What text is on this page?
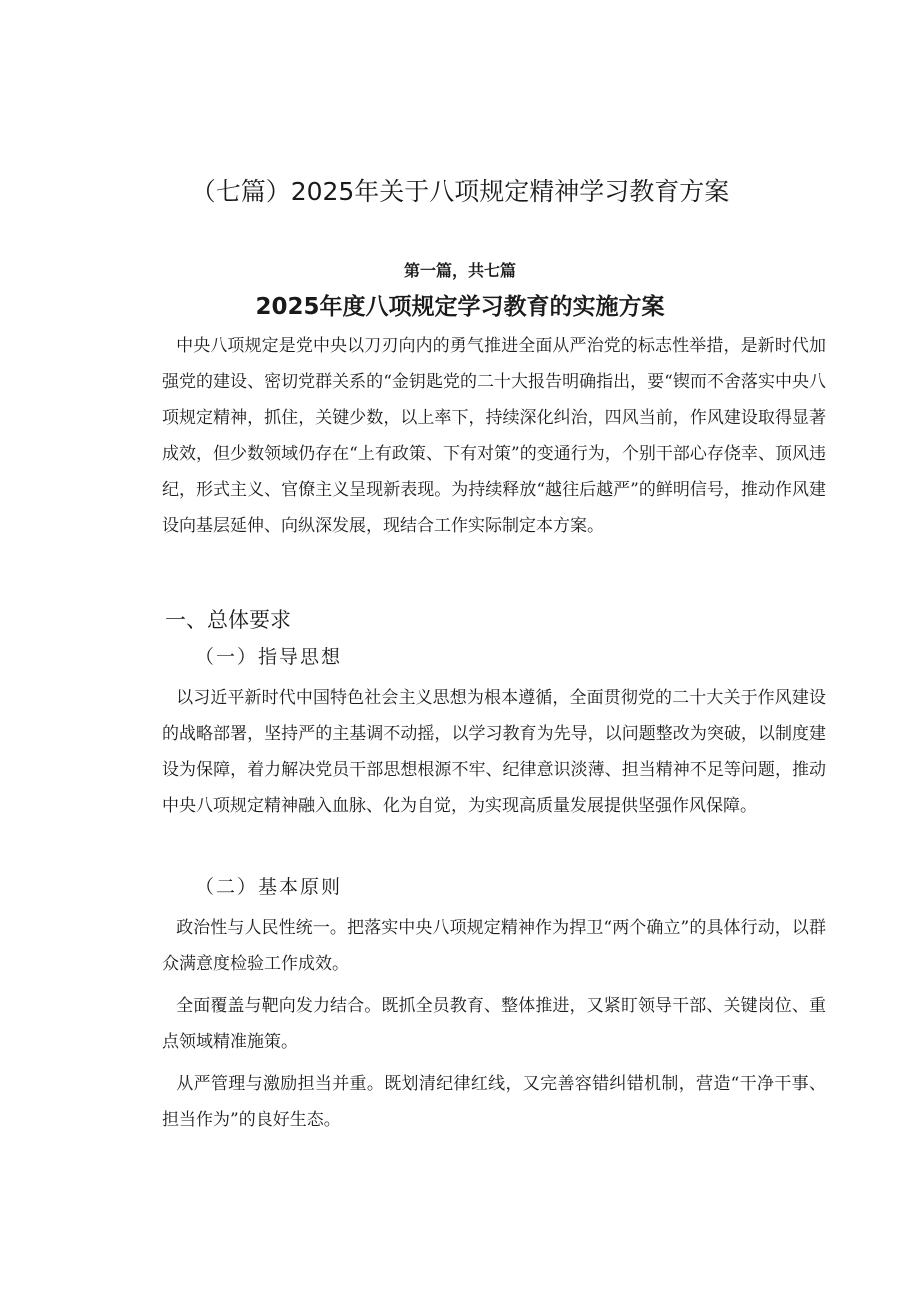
（七篇）2025年关于八项规定精神学习教育方案

第一篇，共七篇

2025年度八项规定学习教育的实施方案

中央八项规定是党中央以刀刃向内的勇气推进全面从严治党的标志性举措，是新时代加强党的建设、密切党群关系的“金钥匙党的二十大报告明确指出，要“锲而不舍落实中央八项规定精神，抓住，关键少数，以上率下，持续深化纠治，四风当前，作风建设取得显著成效，但少数领域仍存在“上有政策、下有对策”的变通行为，个别干部心存侥幸、顶风违纪，形式主义、官僚主义呈现新表现。为持续释放“越往后越严”的鲜明信号，推动作风建设向基层延伸、向纵深发展，现结合工作实际制定本方案。

一、总体要求
（一）指导思想

以习近平新时代中国特色社会主义思想为根本遵循，全面贯彻党的二十大关于作风建设的战略部署，坚持严的主基调不动摇，以学习教育为先导，以问题整改为突破，以制度建设为保障，着力解决党员干部思想根源不牢、纪律意识淡薄、担当精神不足等问题，推动中央八项规定精神融入血脉、化为自觉，为实现高质量发展提供坚强作风保障。

（二）基本原则

政治性与人民性统一。把落实中央八项规定精神作为捍卫“两个确立”的具体行动，以群众满意度检验工作成效。

全面覆盖与靶向发力结合。既抓全员教育、整体推进，又紧盯领导干部、关键岗位、重点领域精准施策。

从严管理与激励担当并重。既划清纪律红线，又完善容错纠错机制，营造“干净干事、担当作为”的良好生态。
